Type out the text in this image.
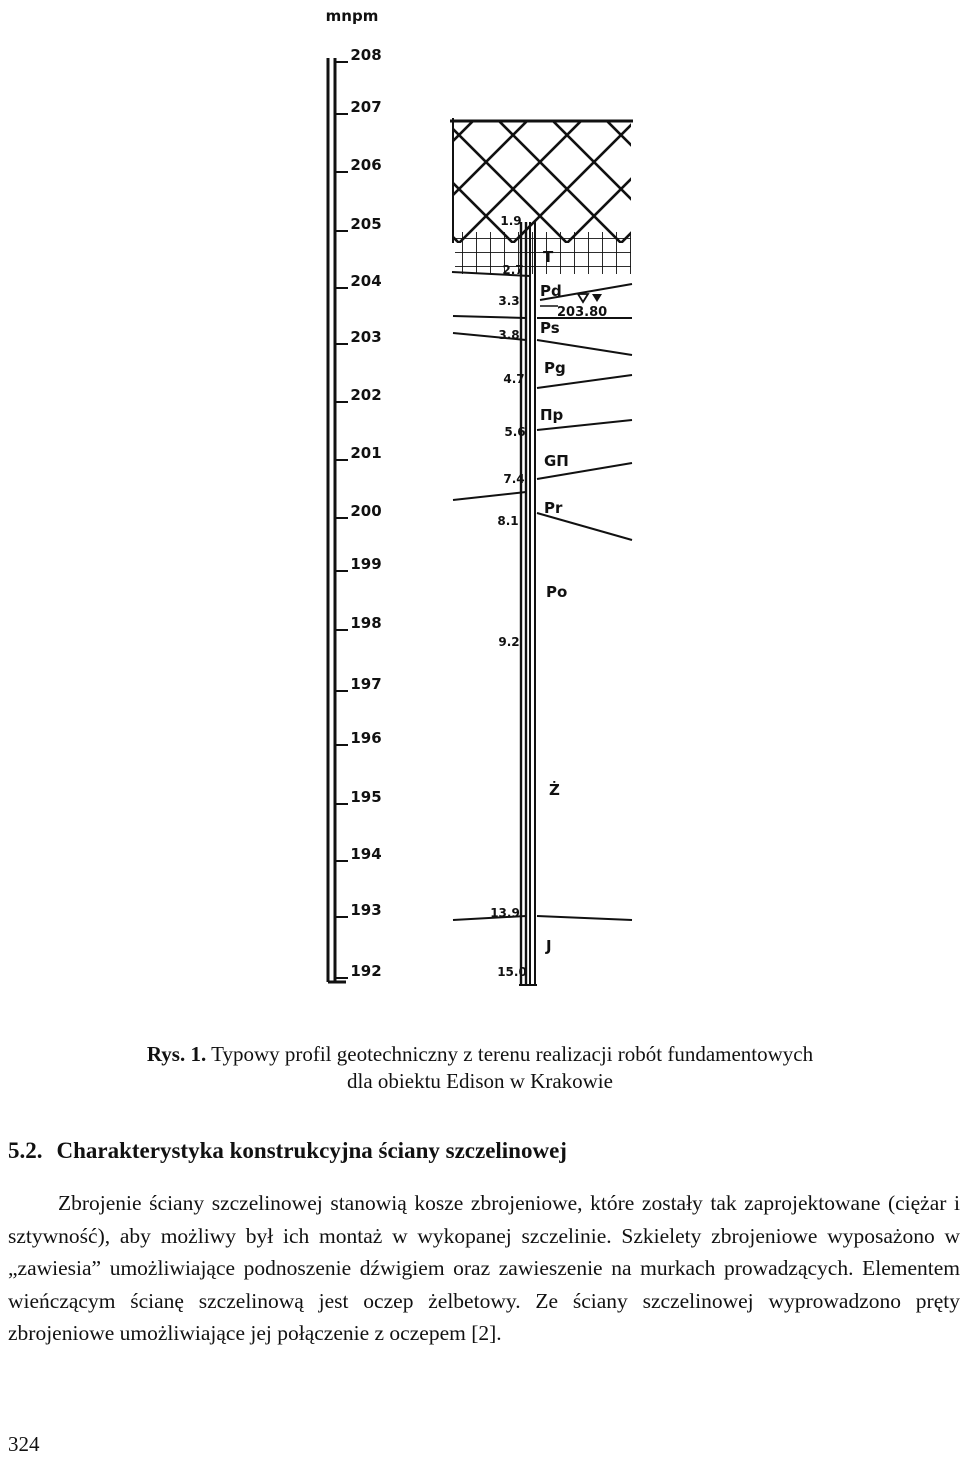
mnpm
208
207
206
205
204
203
202
201
200
199
198
197
196
195
194
193
192
203.80
1.9
2.7
3.3
3.8
4.7
5.6
7.4
8.1
9.2
13.9
15.0
T
Pd
Ps
Pg
Πp
GΠ
Pr
Po
Ż
J
Rys. 1. Typowy profil geotechniczny z terenu realizacji robót fundamentowych
dla obiektu Edison w Krakowie
5.2. Charakterystyka konstrukcyjna ściany szczelinowej

Zbrojenie ściany szczelinowej stanowią kosze zbrojeniowe, które zostały tak zaprojektowane (ciężar i sztywność), aby możliwy był ich montaż w wykopanej szczelinie. Szkielety zbrojeniowe wyposażono w „zawiesia” umożliwiające podnoszenie dźwigiem oraz zawieszenie na murkach prowadzących. Elementem wieńczącym ścianę szczelinową jest oczep żelbetowy. Ze ściany szczelinowej wyprowadzono pręty zbrojeniowe umożliwiające jej połączenie z oczepem [2].

324
